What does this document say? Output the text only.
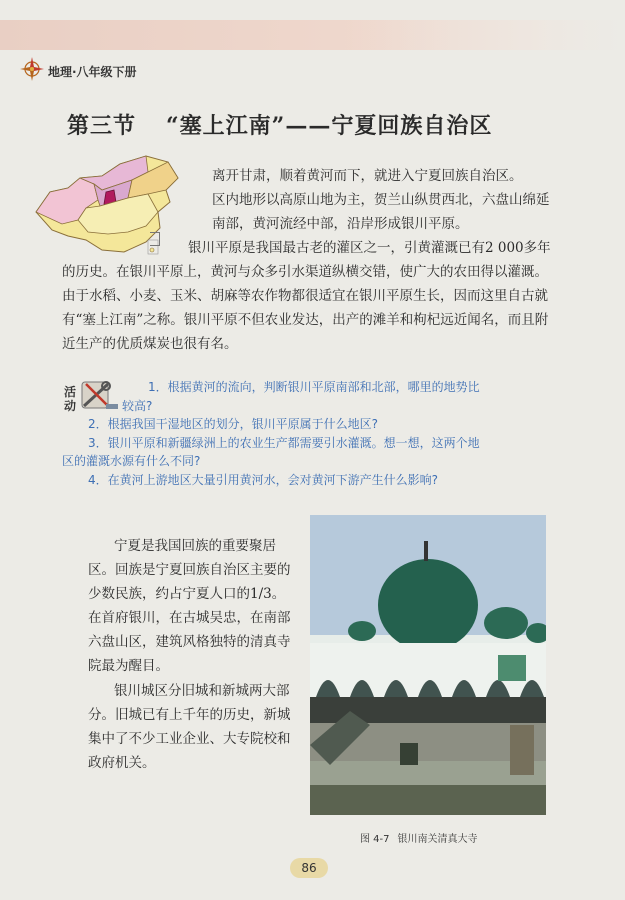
地理·八年级下册
第三节 “塞上江南”——宁夏回族自治区
离开甘肃，顺着黄河而下，就进入宁夏回族自治区。
区内地形以高原山地为主，贺兰山纵贯西北，六盘山绵延南部，黄河流经中部，沿岸形成银川平原。
银川平原是我国最古老的灌区之一，引黄灌溉已有2 000多年的历史。在银川平原上，黄河与众多引水渠道纵横交错，使广大的农田得以灌溉。由于水稻、小麦、玉米、胡麻等农作物都很适宜在银川平原生长，因而这里自古就有“塞上江南”之称。银川平原不但农业发达，出产的滩羊和枸杞远近闻名，而且附近生产的优质煤炭也很有名。
活动
1．根据黄河的流向，判断银川平原南部和北部，哪里的地势比
较高?
2．根据我国干湿地区的划分，银川平原属于什么地区?
3．银川平原和新疆绿洲上的农业生产都需要引水灌溉。想一想，这两个地
区的灌溉水源有什么不同?
4．在黄河上游地区大量引用黄河水，会对黄河下游产生什么影响?
宁夏是我国回族的重要聚居区。回族是宁夏回族自治区主要的少数民族，约占宁夏人口的1/3。在首府银川，在古城吴忠，在南部六盘山区，建筑风格独特的清真寺院最为醒目。
银川城区分旧城和新城两大部分。旧城已有上千年的历史，新城集中了不少工业企业、大专院校和政府机关。
图 4-7 银川南关清真大寺
86
